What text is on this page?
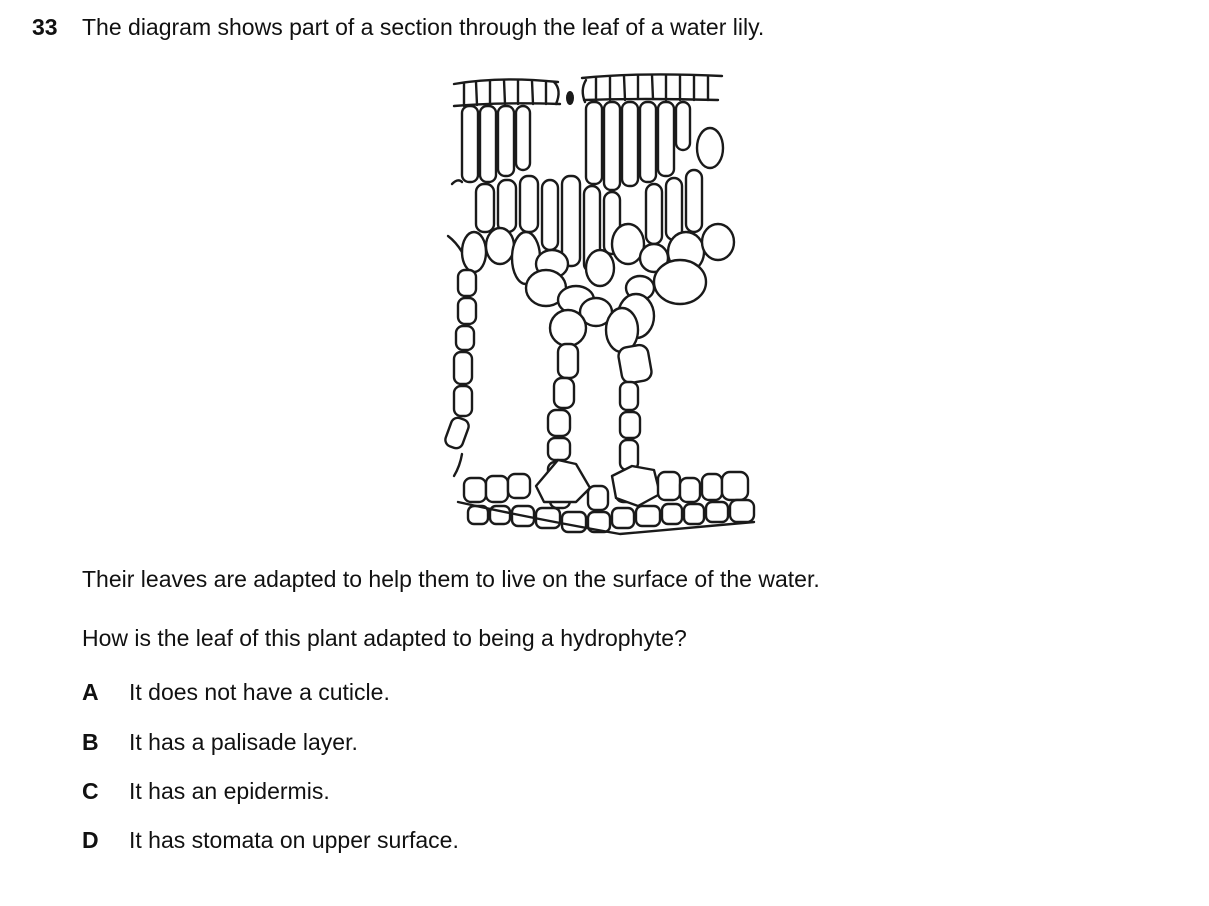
33 The diagram shows part of a section through the leaf of a water lily.
Their leaves are adapted to help them to live on the surface of the water.
How is the leaf of this plant adapted to being a hydrophyte?
A It does not have a cuticle.
B It has a palisade layer.
C It has an epidermis.
D It has stomata on upper surface.
